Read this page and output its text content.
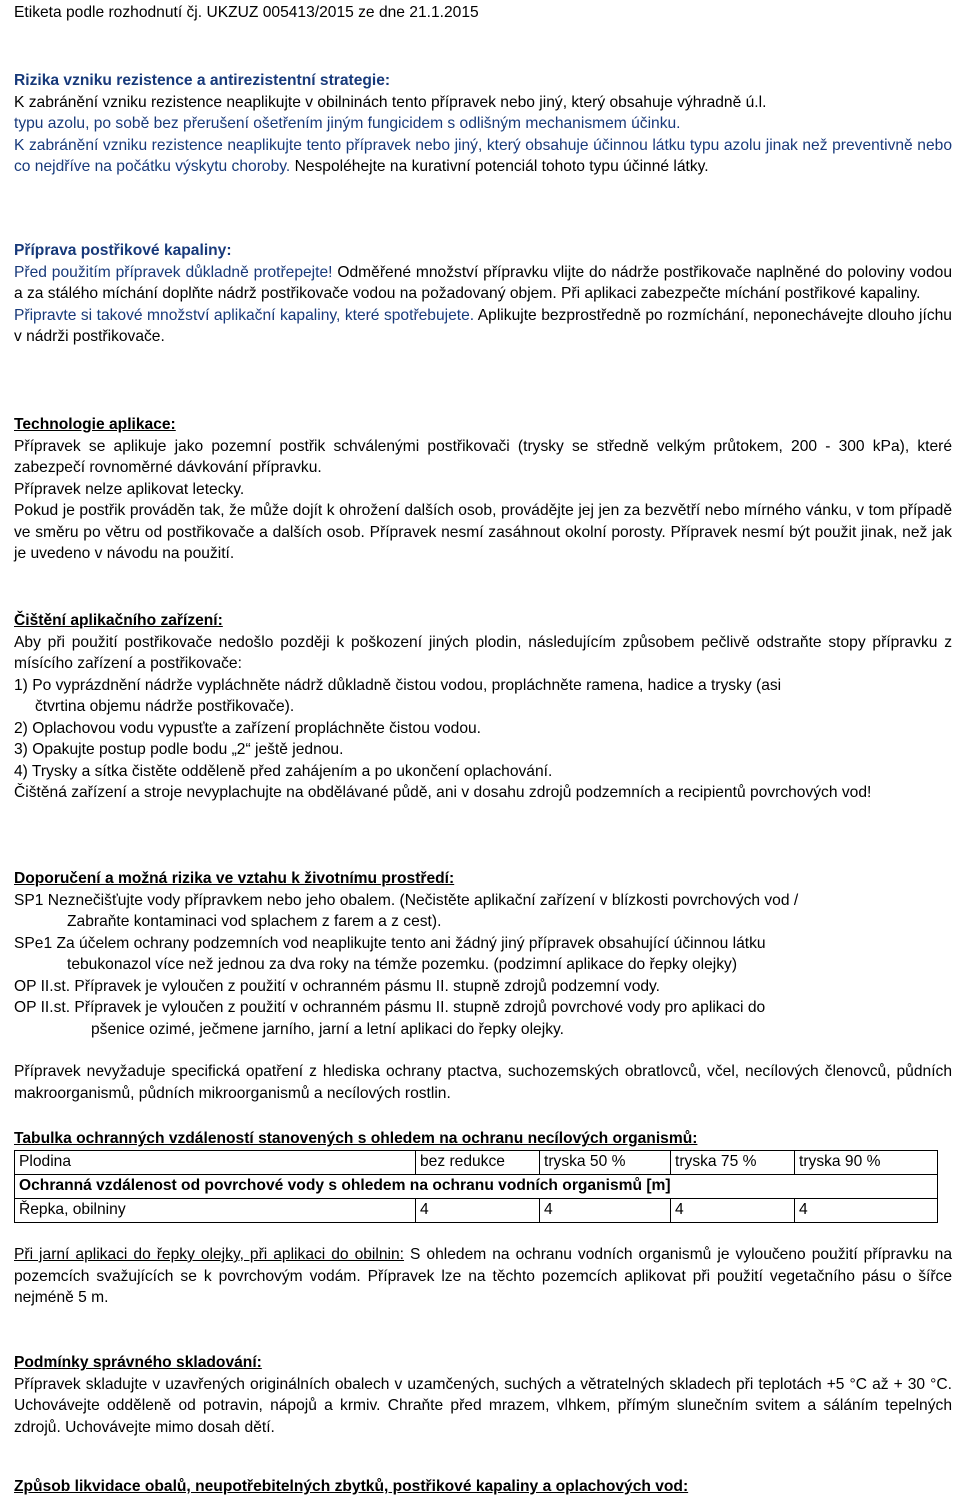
Etiketa podle rozhodnutí čj. UKZUZ 005413/2015 ze dne 21.1.2015

Rizika vzniku rezistence a antirezistentní strategie:

K zabránění vzniku rezistence neaplikujte v obilninách tento přípravek nebo jiný, který obsahuje výhradně ú.l.

typu azolu, po sobě bez přerušení ošetřením jiným fungicidem s odlišným mechanismem účinku.

K zabránění vzniku rezistence neaplikujte tento přípravek nebo jiný, který obsahuje účinnou látku typu azolu jinak než preventivně nebo co nejdříve na počátku výskytu choroby. Nespoléhejte na kurativní potenciál tohoto typu účinné látky.

Příprava postřikové kapaliny:

Před použitím přípravek důkladně protřepejte! Odměřené množství přípravku vlijte do nádrže postřikovače naplněné do poloviny vodou a za stálého míchání doplňte nádrž postřikovače vodou na požadovaný objem. Při aplikaci zabezpečte míchání postřikové kapaliny.

Připravte si takové množství aplikační kapaliny, které spotřebujete. Aplikujte bezprostředně po rozmíchání, neponechávejte dlouho jíchu v nádrži postřikovače.

Technologie aplikace:

Přípravek se aplikuje jako pozemní postřik schválenými postřikovači (trysky se středně velkým průtokem, 200 - 300 kPa), které zabezpečí rovnoměrné dávkování přípravku.

Přípravek nelze aplikovat letecky.

Pokud je postřik prováděn tak, že může dojít k ohrožení dalších osob, provádějte jej jen za bezvětří nebo mírného vánku, v tom případě ve směru po větru od postřikovače a dalších osob. Přípravek nesmí zasáhnout okolní porosty. Přípravek nesmí být použit jinak, než jak je uvedeno v návodu na použití.

Čištění aplikačního zařízení:

Aby při použití postřikovače nedošlo později k poškození jiných plodin, následujícím způsobem pečlivě odstraňte stopy přípravku z mísícího zařízení a postřikovače:

1) Po vyprázdnění nádrže vypláchněte nádrž důkladně čistou vodou, propláchněte ramena, hadice a trysky (asi

čtvrtina objemu nádrže postřikovače).

2) Oplachovou vodu vypusťte a zařízení propláchněte čistou vodou.

3) Opakujte postup podle bodu „2“ ještě jednou.

4) Trysky a sítka čistěte odděleně před zahájením a po ukončení oplachování.

Čištěná zařízení a stroje nevyplachujte na obdělávané půdě, ani v dosahu zdrojů podzemních a recipientů povrchových vod!

Doporučení a možná rizika ve vztahu k životnímu prostředí:

SP1 Neznečišťujte vody přípravkem nebo jeho obalem. (Nečistěte aplikační zařízení v blízkosti povrchových vod /

Zabraňte kontaminaci vod splachem z farem a z cest).

SPe1 Za účelem ochrany podzemních vod neaplikujte tento ani žádný jiný přípravek obsahující účinnou látku

tebukonazol více než jednou za dva roky na témže pozemku. (podzimní aplikace do řepky olejky)

OP II.st. Přípravek je vyloučen z použití v ochranném pásmu II. stupně zdrojů podzemní vody.

OP II.st. Přípravek je vyloučen z použití v ochranném pásmu II. stupně zdrojů povrchové vody pro aplikaci do

pšenice ozimé, ječmene jarního, jarní a letní aplikaci do řepky olejky.

Přípravek nevyžaduje specifická opatření z hlediska ochrany ptactva, suchozemských obratlovců, včel, necílových členovců, půdních makroorganismů, půdních mikroorganismů a necílových rostlin.

Tabulka ochranných vzdáleností stanovených s ohledem na ochranu necílových organismů:

Plodina	bez redukce	tryska 50 %	tryska 75 %	tryska 90 %
Ochranná vzdálenost od povrchové vody s ohledem na ochranu vodních organismů [m]				
Řepka, obilniny	4	4	4	4

Při jarní aplikaci do řepky olejky, při aplikaci do obilnin: S ohledem na ochranu vodních organismů je vyloučeno použití přípravku na pozemcích svažujících se k povrchovým vodám. Přípravek lze na těchto pozemcích aplikovat při použití vegetačního pásu o šířce nejméně 5 m.

Podmínky správného skladování:

Přípravek skladujte v uzavřených originálních obalech v uzamčených, suchých a větratelných skladech při teplotách +5 °C až + 30 °C. Uchovávejte odděleně od potravin, nápojů a krmiv. Chraňte před mrazem, vlhkem, přímým slunečním svitem a sáláním tepelných zdrojů. Uchovávejte mimo dosah dětí.

Způsob likvidace obalů, neupotřebitelných zbytků, postřikové kapaliny a oplachových vod:
